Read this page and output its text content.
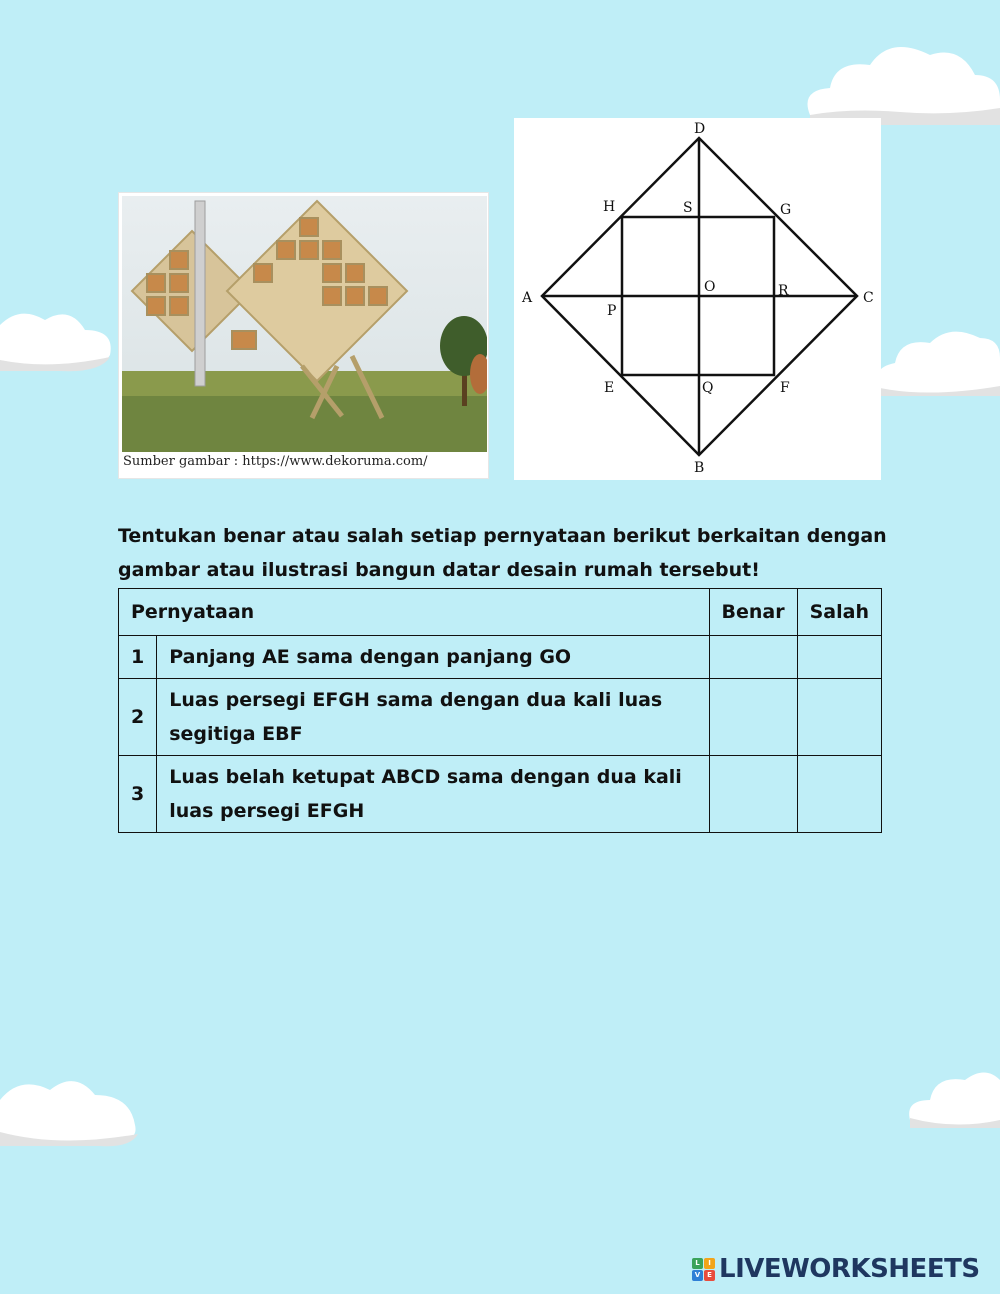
Sumber gambar : https://www.dekoruma.com/
D
B
A	C
H	G
E	F
S
O	R
P
Q
Tentukan benar atau salah setiap pernyataan berikut berkaitan dengan gambar atau ilustrasi bangun datar desain rumah tersebut!
Pernyataan		Benar	Salah
1	Panjang AE sama dengan panjang GO		
2	Luas persegi EFGH sama dengan dua kali luas segitiga EBF		
3	Luas belah ketupat ABCD sama dengan dua kali luas persegi EFGH		
L	I
V E LIVEWORKSHEETS
